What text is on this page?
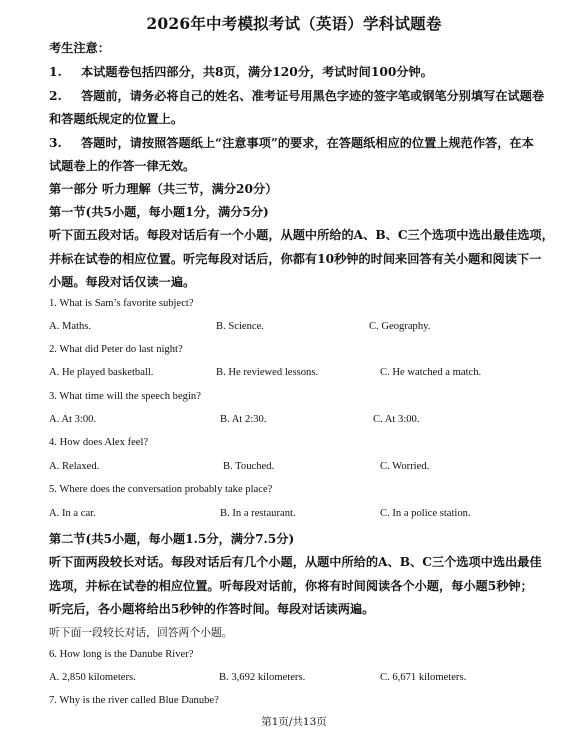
2026年中考模拟考试（英语）学科试题卷
考生注意：
1. 本试题卷包括四部分，共8页，满分120分，考试时间100分钟。
2. 答题前，请务必将自己的姓名、准考证号用黑色字迹的签字笔或钢笔分别填写在试题卷
和答题纸规定的位置上。
3. 答题时，请按照答题纸上“注意事项”的要求，在答题纸相应的位置上规范作答，在本
试题卷上的作答一律无效。
第一部分 听力理解（共三节，满分20分）
第一节(共5小题，每小题1分，满分5分)
听下面五段对话。每段对话后有一个小题，从题中所给的A、B、C三个选项中选出最佳选项，
并标在试卷的相应位置。听完每段对话后，你都有10秒钟的时间来回答有关小题和阅读下一
小题。每段对话仅读一遍。
1. What is Sam’s favorite subject?
A. Maths.	B. Science.	C. Geography.
2. What did Peter do last night?
A. He played basketball.	B. He reviewed lessons.	C. He watched a match.
3. What time will the speech begin?
A. At 3:00.	B. At 2:30.	C. At 3:00.
4. How does Alex feel?
A. Relaxed.	B. Touched.	C. Worried.
5. Where does the conversation probably take place?
A. In a car.	B. In a restaurant.	C. In a police station.
第二节(共5小题，每小题1.5分，满分7.5分)
听下面两段较长对话。每段对话后有几个小题，从题中所给的A、B、C三个选项中选出最佳
选项，并标在试卷的相应位置。听每段对话前，你将有时间阅读各个小题，每小题5秒钟；
听完后，各小题将给出5秒钟的作答时间。每段对话读两遍。
听下面一段较长对话，回答两个小题。
6. How long is the Danube River?
A. 2,850 kilometers.	B. 3,692 kilometers.	C. 6,671 kilometers.
7. Why is the river called Blue Danube?
第1页/共13页
